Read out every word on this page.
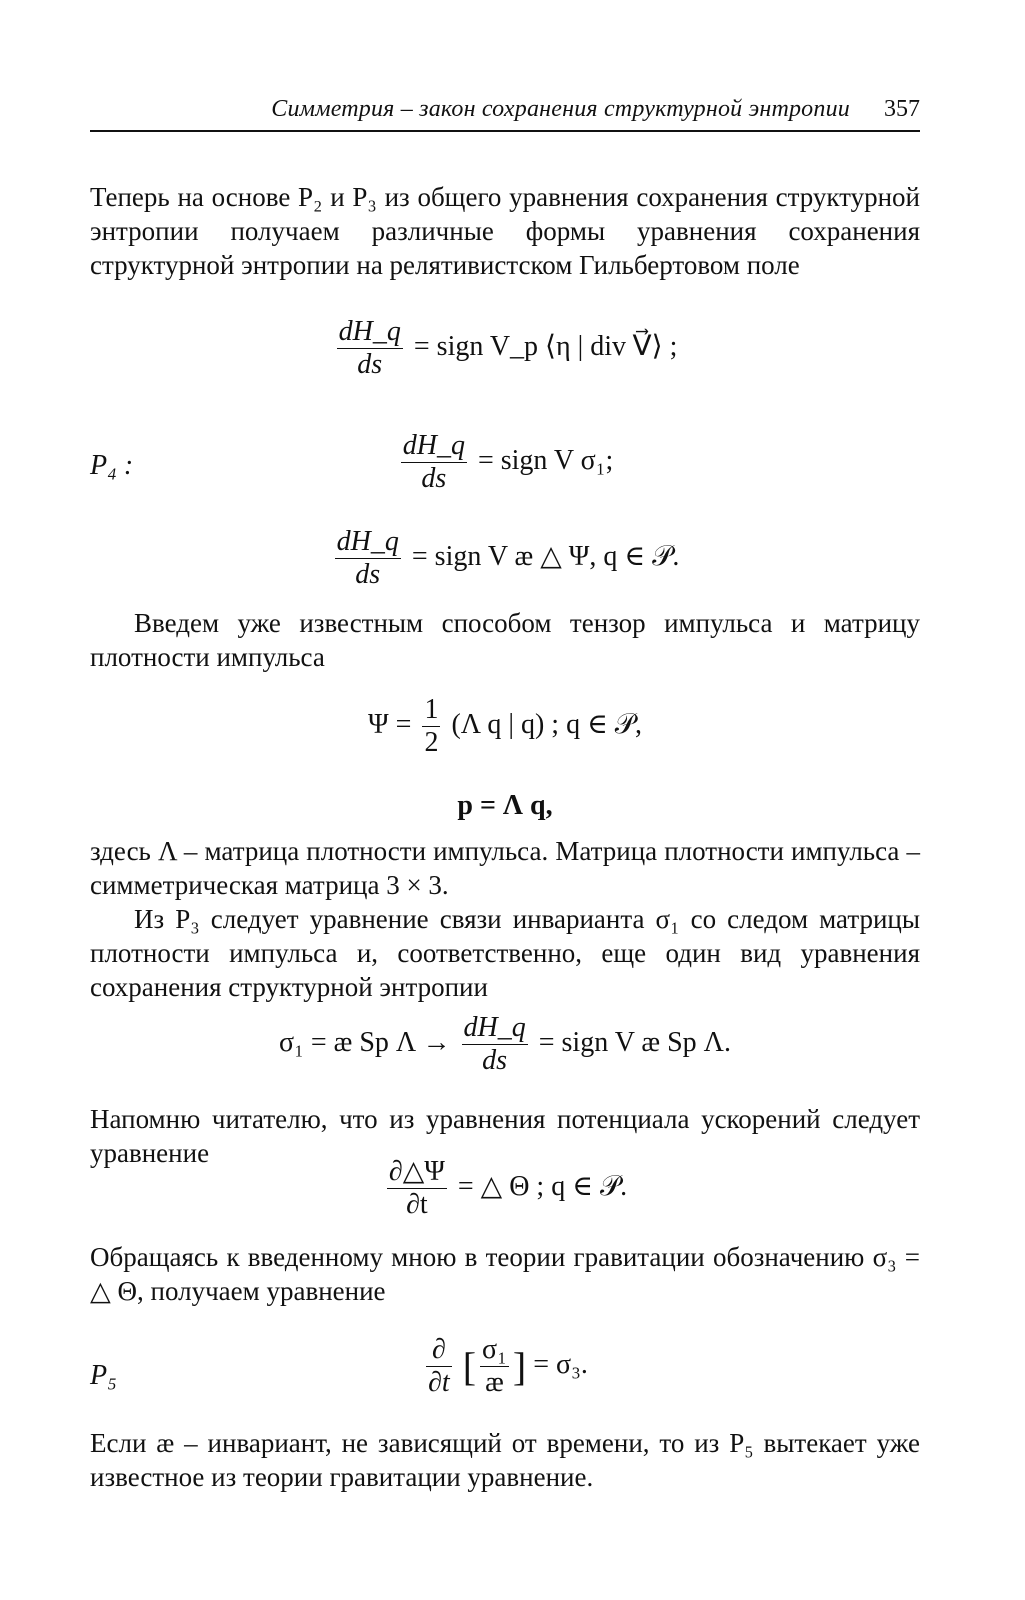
Симметрия – закон сохранения структурной энтропии 357
Теперь на основе P₂ и P₃ из общего уравнения сохранения структурной энтропии получаем различные формы уравнения сохранения структурной энтропии на релятивистском Гильбертовом поле
$\frac{dH\_q}{ds}$ = sign V_p ⟨η | div V⃗⟩ ;
P₄ :	$\frac{dH\_q}{ds}$ = sign V σ₁;
$\frac{dH\_q}{ds}$ = sign V æ △ Ψ, q ∈ 𝒫.
Введем уже известным способом тензор импульса и матрицу плотности импульса
$\Psi = \frac{1}{2} (\Lambda$ q | q) ; q ∈ 𝒫,
p = Λ q,
здесь Λ – матрица плотности импульса. Матрица плотности импульса – симметрическая матрица 3 × 3.
Из P₃ следует уравнение связи инварианта σ₁ со следом матрицы плотности импульса и, соответственно, еще один вид уравнения сохранения структурной энтропии
σ₁ = æ Sp $\Lambda \to \frac{dH\_q}{ds}$ = sign V æ Sp Λ.
Напомню читателю, что из уравнения потенциала ускорений следует уравнение
$\frac{\partial\triangle\Psi}{\partial t}$ = △ Θ ; q ∈ 𝒫.
Обращаясь к введенному мною в теории гравитации обозначению σ₃ = △ Θ, получаем уравнение
P₅	$\frac{\partial}{\partial t}$ [ $\frac{\text{σ₁}}{æ}$ ] = σ₃.
Если æ – инвариант, не зависящий от времени, то из P₅ вытекает уже известное из теории гравитации уравнение.
